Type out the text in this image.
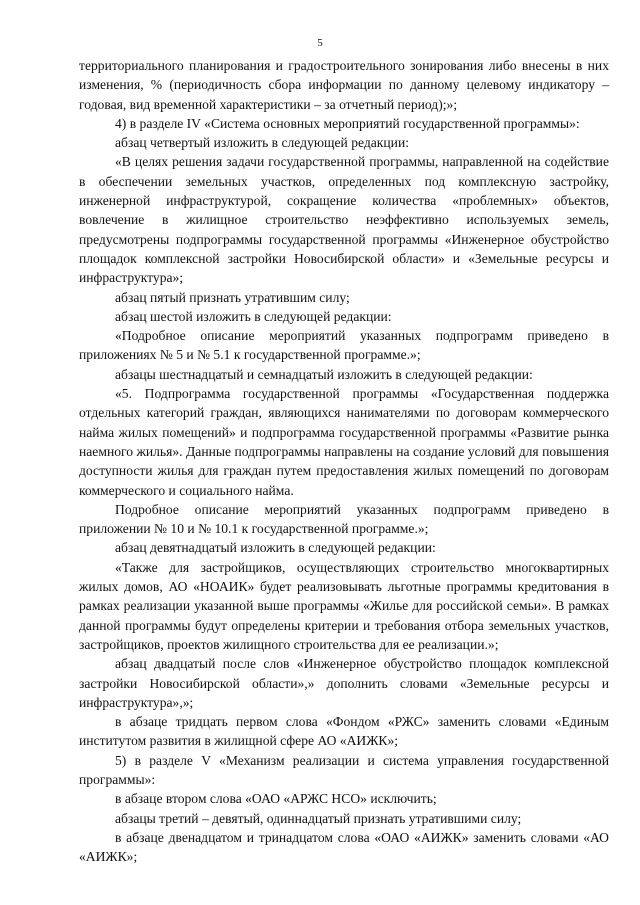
5

территориального планирования и градостроительного зонирования либо внесены в них изменения, % (периодичность сбора информации по данному целевому индикатору – годовая, вид временной характеристики – за отчетный период);»;

4) в разделе IV «Система основных мероприятий государственной программы»:

абзац четвертый изложить в следующей редакции:

«В целях решения задачи государственной программы, направленной на содействие в обеспечении земельных участков, определенных под комплексную застройку, инженерной инфраструктурой, сокращение количества «проблемных» объектов, вовлечение в жилищное строительство неэффективно используемых земель, предусмотрены подпрограммы государственной программы «Инженерное обустройство площадок комплексной застройки Новосибирской области» и «Земельные ресурсы и инфраструктура»;

абзац пятый признать утратившим силу;

абзац шестой изложить в следующей редакции:

«Подробное описание мероприятий указанных подпрограмм приведено в приложениях № 5 и № 5.1 к государственной программе.»;

абзацы шестнадцатый и семнадцатый изложить в следующей редакции:

«5. Подпрограмма государственной программы «Государственная поддержка отдельных категорий граждан, являющихся нанимателями по договорам коммерческого найма жилых помещений» и подпрограмма государственной программы «Развитие рынка наемного жилья». Данные подпрограммы направлены на создание условий для повышения доступности жилья для граждан путем предоставления жилых помещений по договорам коммерческого и социального найма.

Подробное описание мероприятий указанных подпрограмм приведено в приложении № 10 и № 10.1 к государственной программе.»;

абзац девятнадцатый изложить в следующей редакции:

«Также для застройщиков, осуществляющих строительство многоквартирных жилых домов, АО «НОАИК» будет реализовывать льготные программы кредитования в рамках реализации указанной выше программы «Жилье для российской семьи». В рамках данной программы будут определены критерии и требования отбора земельных участков, застройщиков, проектов жилищного строительства для ее реализации.»;

абзац двадцатый после слов «Инженерное обустройство площадок комплексной застройки Новосибирской области»,» дополнить словами «Земельные ресурсы и инфраструктура»,»;

в абзаце тридцать первом слова «Фондом «РЖС» заменить словами «Единым институтом развития в жилищной сфере АО «АИЖК»;

5) в разделе V «Механизм реализации и система управления государственной программы»:

в абзаце втором слова «ОАО «АРЖС НСО» исключить;

абзацы третий – девятый, одиннадцатый признать утратившими силу;

в абзаце двенадцатом и тринадцатом слова «ОАО «АИЖК» заменить словами «АО «АИЖК»;
